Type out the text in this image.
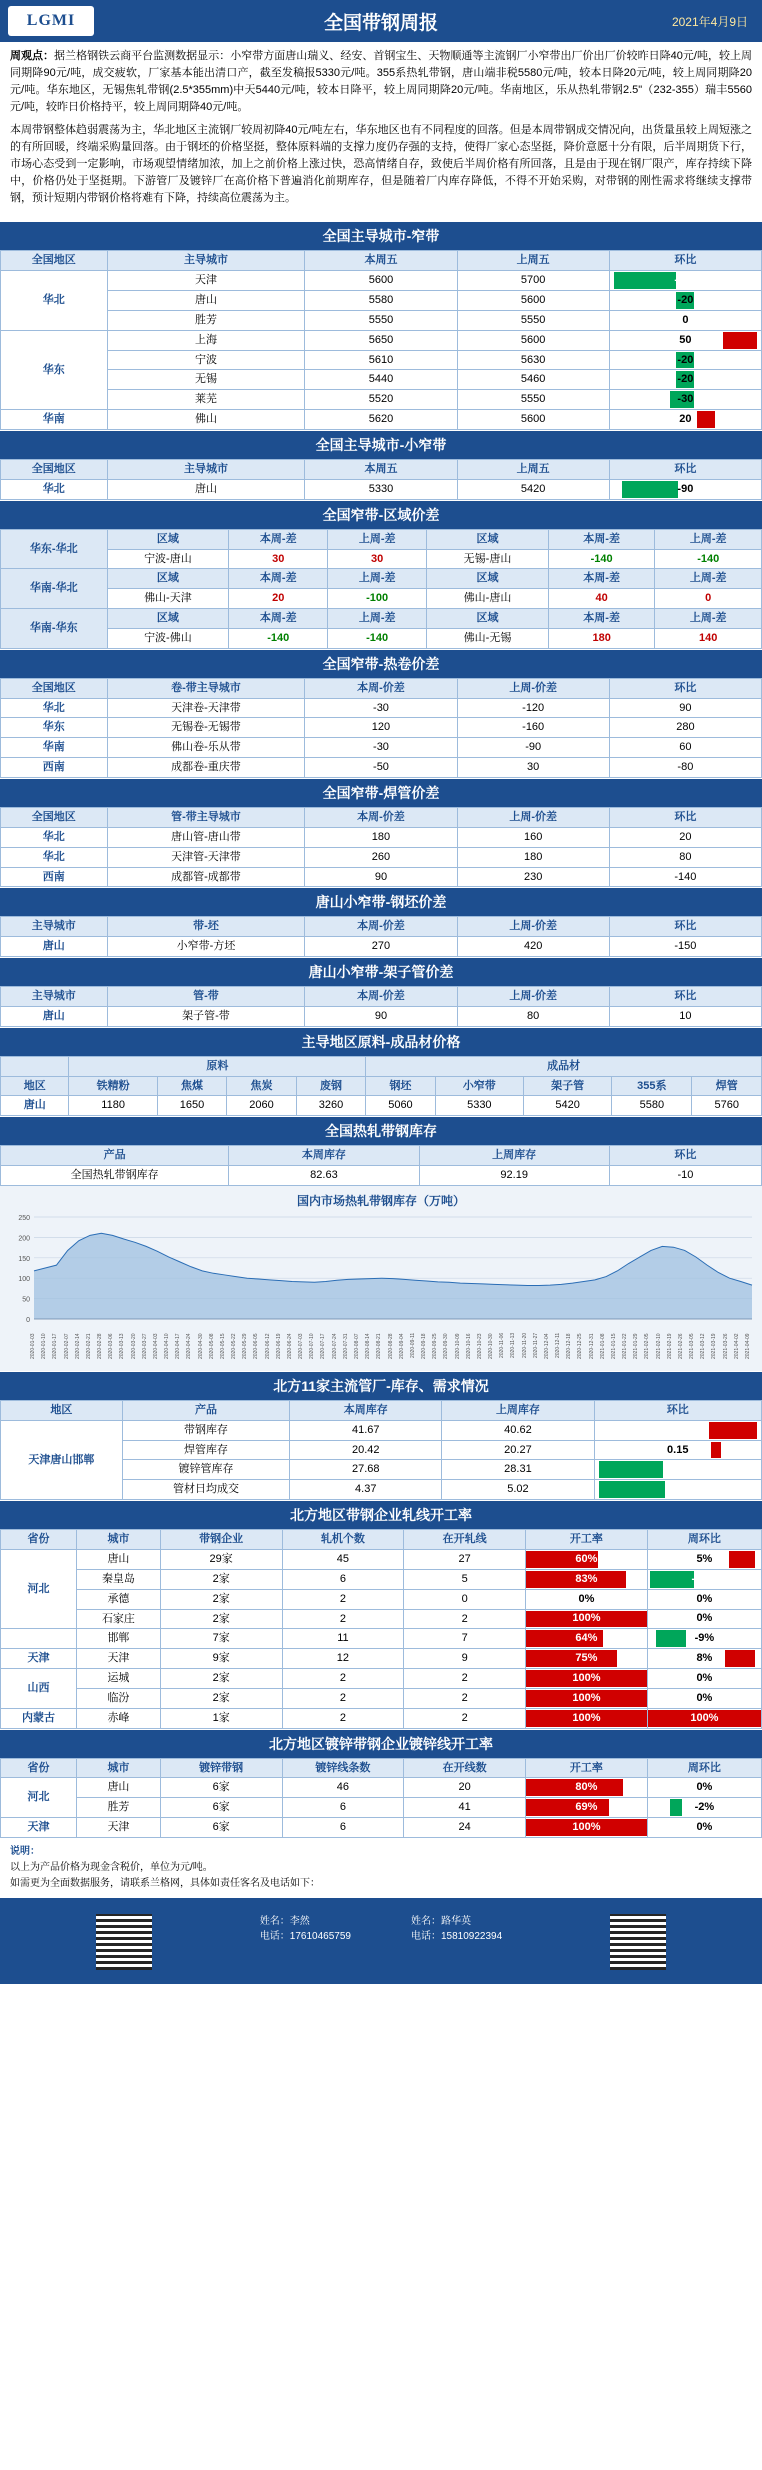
LGMI	全国带钢周报	2021年4月9日

周观点：据兰格钢铁云商平台监测数据显示：小窄带方面唐山瑞义、经安、首钢宝生、天物顺通等主流钢厂小窄带出厂价出厂价较昨日降40元/吨，较上周同期降90元/吨，成交疲软，厂家基本能出清口产，截至发稿报5330元/吨。355系热轧带钢，唐山端非税5580元/吨，较本日降20元/吨，较上周同期降20元/吨。华东地区，无锡焦轧带钢(2.5*355mm)中天5440元/吨，较本日降平，较上周同期降20元/吨。华南地区，乐从热轧带钢2.5"（232-355）瑞丰5560元/吨，较昨日价格持平，较上周同期降40元/吨。

本周带钢整体趋弱震荡为主，华北地区主流钢厂较周初降40元/吨左右，华东地区也有不同程度的回落。但是本周带钢成交情况向，出货量虽较上周短涨之的有所回暖，终端采购量回落。由于钢坯的价格坚挺，整体原料端的支撑力度仍存强的支持，使得厂家心态坚挺，降价意愿十分有限，后半周期货下行，市场心态受到一定影响，市场观望情绪加浓，加上之前价格上涨过快，恐高情绪自存，致使后半周价格有所回落，且是由于现在钢厂限产，库存持续下降中，价格仍处于坚挺期。下游管厂及镀锌厂在高价格下普遍消化前期库存，但是随着厂内库存降低，不得不开始采购，对带钢的刚性需求将继续支撑带钢，预计短期内带钢价格将难有下降，持续高位震荡为主。

全国主导城市-窄带
全国地区	主导城市	本周五	上周五	环比
华北	天津	5600	5700	-100
	唐山	5580	5600	-20
	胜芳	5550	5550	0
华东	上海	5650	5600	50
	宁波	5610	5630	-20
	无锡	5440	5460	-20
	莱芜	5520	5550	-30
华南	佛山	5620	5600	20
全国主导城市-小窄带
全国地区	主导城市	本周五	上周五	环比
华北	唐山	5330	5420	-90
全国窄带-区域价差
华东-华北	区域	本周-差	上周-差	区域	本周-差	上周-差
	宁波-唐山	30	30	无锡-唐山	-140	-140
华南-华北	区域	本周-差	上周-差	区域	本周-差	上周-差
	佛山-天津	20	-100	佛山-唐山	40	0
华南-华东	区域	本周-差	上周-差	区域	本周-差	上周-差
	宁波-佛山	-140	-140	佛山-无锡	180	140
全国窄带-热卷价差
全国地区	卷-带主导城市	本周-价差	上周-价差	环比
华北	天津卷-天津带	-30	-120	90
华东	无锡卷-无锡带	120	-160	280
华南	佛山卷-乐从带	-30	-90	60
西南	成都卷-重庆带	-50	30	-80
全国窄带-焊管价差
全国地区	管-带主导城市	本周-价差	上周-价差	环比
华北	唐山管-唐山带	180	160	20
华北	天津管-天津带	260	180	80
西南	成都管-成都带	90	230	-140
唐山小窄带-钢坯价差
主导城市	带-坯	本周-价差	上周-价差	环比
唐山	小窄带-方坯	270	420	-150
唐山小窄带-架子管价差
主导城市	管-带	本周-价差	上周-价差	环比
唐山	架子管-带	90	80	10
主导地区原料-成品材价格
	原料				成品材				
地区	铁精粉	焦煤	焦炭	废钢	钢坯	小窄带	架子管	355系	焊管
唐山	1180	1650	2060	3260	5060	5330	5420	5580	5760
全国热轧带钢库存
产品	本周库存	上周库存	环比
全国热轧带钢库存	82.63	92.19	-10
国内市场热轧带钢库存（万吨）
0
50
100
150
200
250
2020-01-03	2020-01-10	2020-01-17	2020-02-07	2020-02-14	2020-02-21	2020-02-28	2020-03-06	2020-03-13	2020-03-20	2020-03-27	2020-04-03	2020-04-10	2020-04-17	2020-04-24	2020-04-30	2020-05-08	2020-05-15	2020-05-22	2020-05-29	2020-06-05	2020-06-12	2020-06-19	2020-06-24	2020-07-03	2020-07-10	2020-07-17	2020-07-24	2020-07-31	2020-08-07	2020-08-14	2020-08-21	2020-08-28	2020-09-04	2020-09-11	2020-09-18	2020-09-25	2020-09-30	2020-10-09	2020-10-16	2020-10-23	2020-10-30	2020-11-06	2020-11-13	2020-11-20	2020-11-27	2020-12-04	2020-12-11	2020-12-18	2020-12-25	2020-12-31	2021-01-08	2021-01-15	2021-01-22	2021-01-29	2021-02-05	2021-02-10	2021-02-19	2021-02-26	2021-03-05	2021-03-12	2021-03-19	2021-03-26	2021-04-02	2021-04-09
北方11家主流管厂-库存、需求情况
地区	产品	本周库存	上周库存	环比
天津唐山邯郸	带钢库存	41.67	40.62	1.05
	焊管库存	20.42	20.27	0.15
	镀锌管库存	27.68	28.31	-0.63
	管材日均成交	4.37	5.02	-0.65
北方地区带钢企业轧线开工率
省份	城市	带钢企业	轧机个数	在开轧线	开工率	周环比
河北	唐山	29家	45	27	60%	5%
	秦皇岛	2家	6	5	83%	-17%
	承德	2家	2	0	0%	0%
	石家庄	2家	2	2	100%	0%
	邯郸	7家	11	7	64%	-9%
天津	天津	9家	12	9	75%	8%
山西	运城	2家	2	2	100%	0%
	临汾	2家	2	2	100%	0%
内蒙古	赤峰	1家	2	2	100%	100%
北方地区镀锌带钢企业镀锌线开工率
省份	城市	镀锌带钢	镀锌线条数	在开线数	开工率	周环比
河北	唐山	6家	46	20	80%	0%
	胜芳	6家	6	41	69%	-2%
天津	天津	6家	6	24	100%	0%
说明：
以上为产品价格为现金含税价，单位为元/吨。
如需更为全面数据服务，请联系兰格网，具体如责任客名及电话如下：
姓名：李然
电话：17610465759
姓名：路华英
电话：15810922394
